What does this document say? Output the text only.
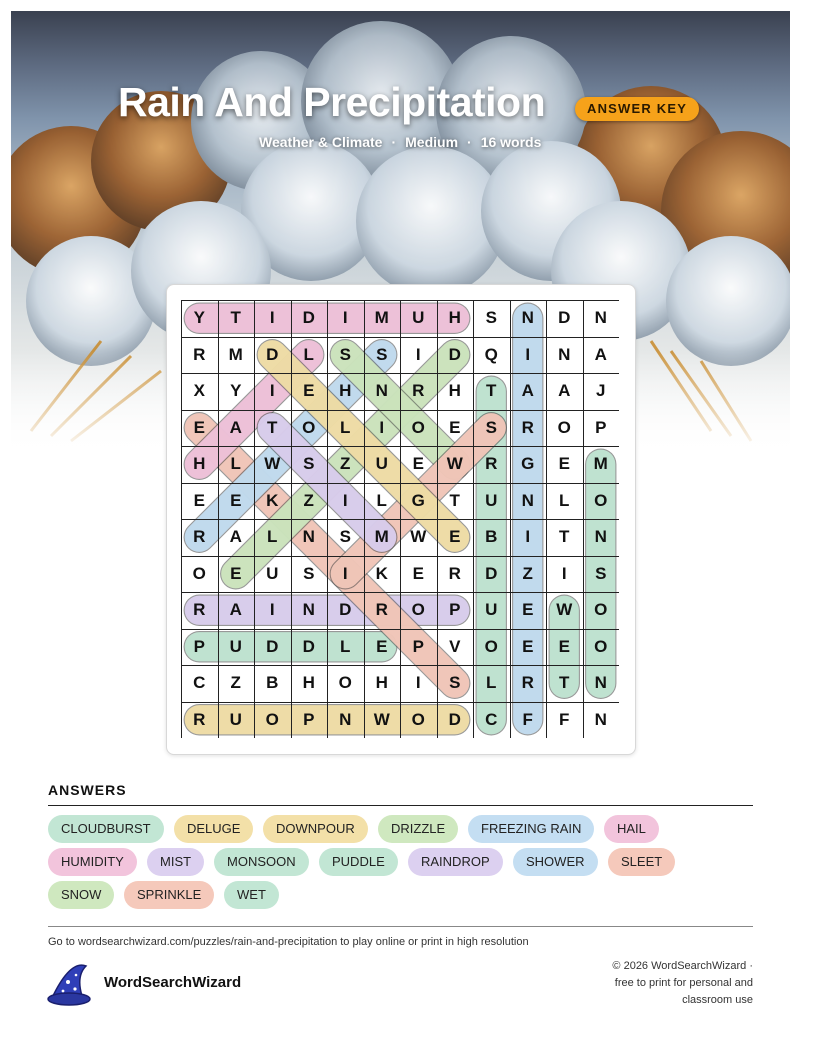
Rain And Precipitation	ANSWER KEY
Weather & Climate · Medium · 16 words
Y	T	I	D	I	M	U	H	S	N	D	N
R	M	D	L	S	S	I	D	Q	I	N	A
X	Y	I	E	H	N	R	H	T	A	A	J
E	A	T	O	L	I	O	E	S	R	O	P
H	L	W	S	Z	U	E	W	R	G	E	M
E	E	K	Z	I	L	G	T	U	N	L	O
R	A	L	N	S	M	W	E	B	I	T	N
O	E	U	S	I	K	E	R	D	Z	I	S
R	A	I	N	D	R	O	P	U	E	W	O
P	U	D	D	L	E	P	V	O	E	E	O
C	Z	B	H	O	H	I	S	L	R	T	N
R	U	O	P	N	W	O	D	C	F	F	N
ANSWERS
CLOUDBURST	DELUGE	DOWNPOUR	DRIZZLE	FREEZING RAIN	HAIL
HUMIDITY	MIST	MONSOON	PUDDLE	RAINDROP	SHOWER	SLEET
SNOW	SPRINKLE	WET
Go to wordsearchwizard.com/puzzles/rain-and-precipitation to play online or print in high resolution
WordSearchWizard
© 2026 WordSearchWizard ·
free to print for personal and
classroom use
